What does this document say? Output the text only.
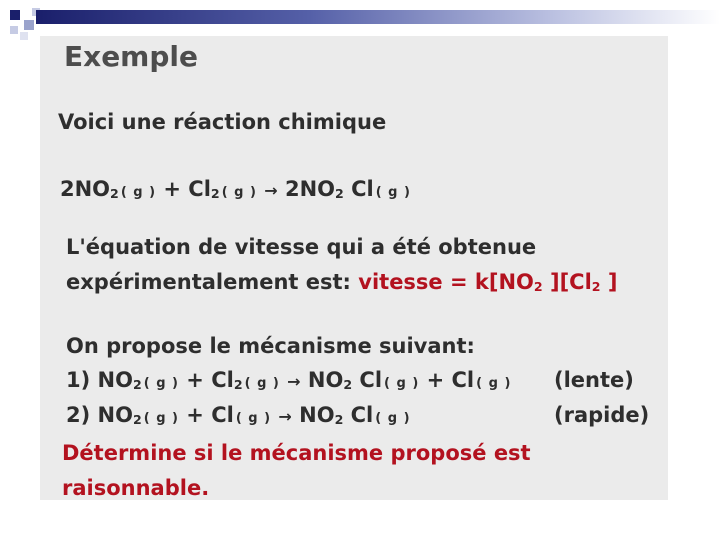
Exemple
Voici une réaction chimique
2NO2 ( g ) + Cl2 ( g ) → 2NO2 Cl ( g )
L'équation de vitesse qui a été obtenue
expérimentalement est: vitesse = k[NO2 ][Cl2 ]
On propose le mécanisme suivant:
1) NO2 ( g ) + Cl2 ( g ) → NO2 Cl ( g ) + Cl ( g ) (lente)
2) NO2 ( g ) + Cl ( g ) → NO2 Cl ( g )	(rapide)
Détermine si le mécanisme proposé est
raisonnable.
